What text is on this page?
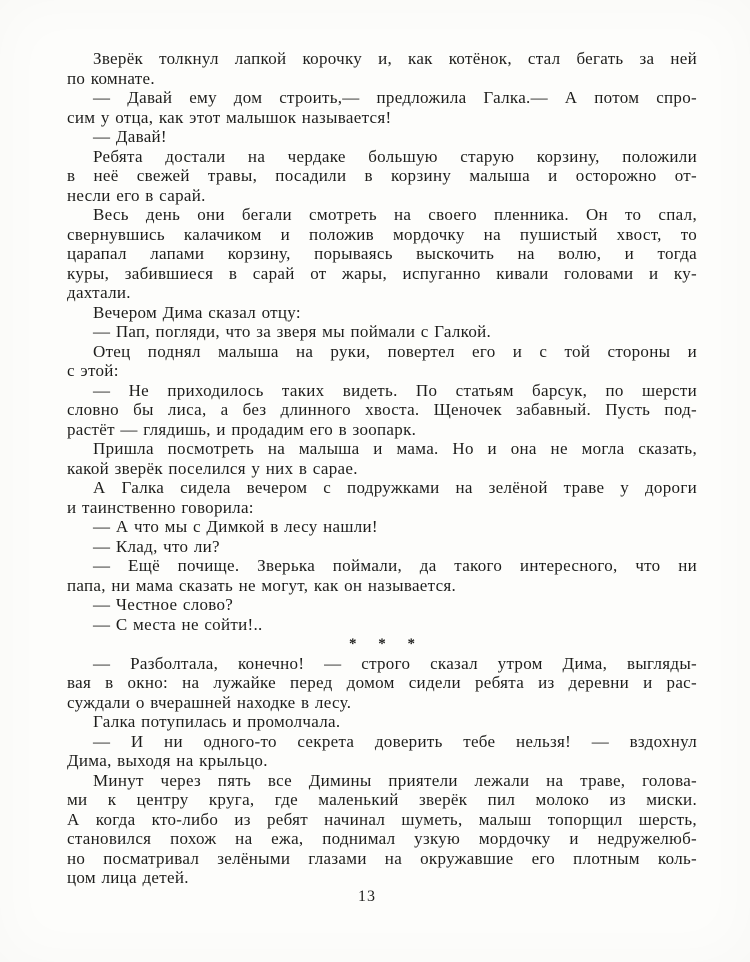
Зверёк толкнул лапкой корочку и, как котёнок, стал бегать за ней
по комнате.
— Давай ему дом строить,— предложила Галка.— А потом спро-
сим у отца, как этот малышок называется!
— Давай!
Ребята достали на чердаке большую старую корзину, положили
в неё свежей травы, посадили в корзину малыша и осторожно от-
несли его в сарай.
Весь день они бегали смотреть на своего пленника. Он то спал,
свернувшись калачиком и положив мордочку на пушистый хвост, то
царапал лапами корзину, порываясь выскочить на волю, и тогда
куры, забившиеся в сарай от жары, испуганно кивали головами и ку-
дахтали.
Вечером Дима сказал отцу:
— Пап, погляди, что за зверя мы поймали с Галкой.
Отец поднял малыша на руки, повертел его и с той стороны и
с этой:
— Не приходилось таких видеть. По статьям барсук, по шерсти
словно бы лиса, а без длинного хвоста. Щеночек забавный. Пусть под-
растёт — глядишь, и продадим его в зоопарк.
Пришла посмотреть на малыша и мама. Но и она не могла сказать,
какой зверёк поселился у них в сарае.
А Галка сидела вечером с подружками на зелёной траве у дороги
и таинственно говорила:
— А что мы с Димкой в лесу нашли!
— Клад, что ли?
— Ещё почище. Зверька поймали, да такого интересного, что ни
папа, ни мама сказать не могут, как он называется.
— Честное слово?
— С места не сойти!..
* * *
— Разболтала, конечно! — строго сказал утром Дима, выгляды-
вая в окно: на лужайке перед домом сидели ребята из деревни и рас-
суждали о вчерашней находке в лесу.
Галка потупилась и промолчала.
— И ни одного-то секрета доверить тебе нельзя! — вздохнул
Дима, выходя на крыльцо.
Минут через пять все Димины приятели лежали на траве, голова-
ми к центру круга, где маленький зверёк пил молоко из миски.
А когда кто-либо из ребят начинал шуметь, малыш топорщил шерсть,
становился похож на ежа, поднимал узкую мордочку и недружелюб-
но посматривал зелёными глазами на окружавшие его плотным коль-
цом лица детей.
13
